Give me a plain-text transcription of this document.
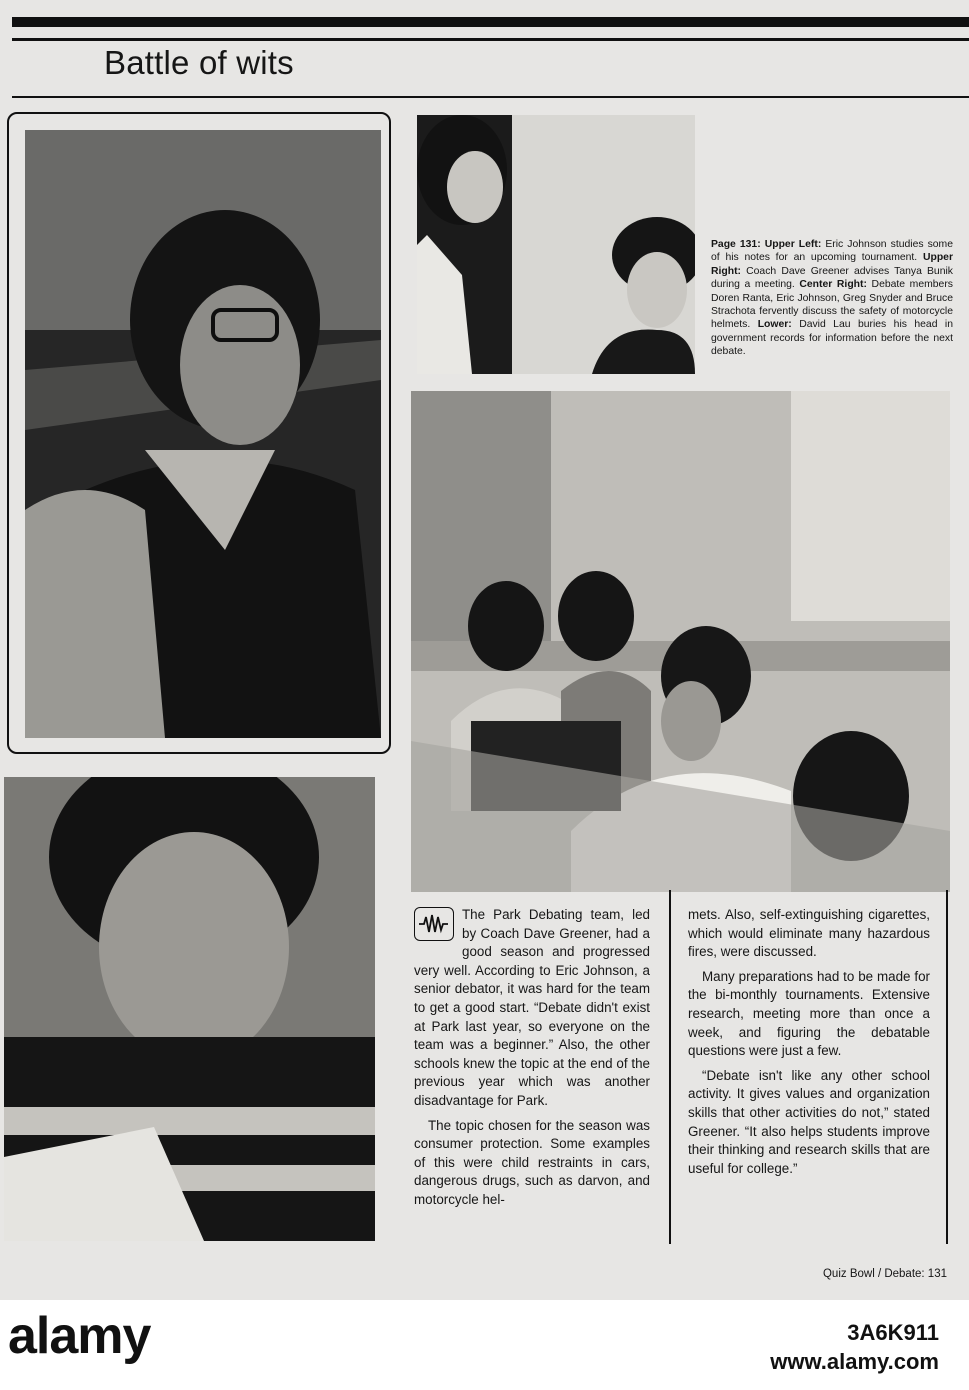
Battle of wits

Page 131: Upper Left: Eric Johnson studies some of his notes for an upcoming tournament. Upper Right: Coach Dave Greener advises Tanya Bunik during a meeting. Center Right: Debate members Doren Ranta, Eric Johnson, Greg Snyder and Bruce Strachota fervently discuss the safety of motorcycle helmets. Lower: David Lau buries his head in government records for information before the next debate.

The Park Debating team, led by Coach Dave Greener, had a good season and progressed very well. According to Eric Johnson, a senior debator, it was hard for the team to get a good start. “Debate didn't exist at Park last year, so everyone on the team was a beginner.” Also, the other schools knew the topic at the end of the previous year which was another disadvantage for Park.

The topic chosen for the season was consumer protection. Some examples of this were child restraints in cars, dangerous drugs, such as darvon, and motorcycle hel-

mets. Also, self-extinguishing cigarettes, which would eliminate many hazardous fires, were discussed.

Many preparations had to be made for the bi-monthly tournaments. Extensive research, meeting more than once a week, and figuring the debatable questions were just a few.

“Debate isn't like any other school activity. It gives values and organization skills that other activities do not,” stated Greener. “It also helps students improve their thinking and research skills that are useful for college.”

Quiz Bowl / Debate: 131

alamy	3A6K911
www.alamy.com
